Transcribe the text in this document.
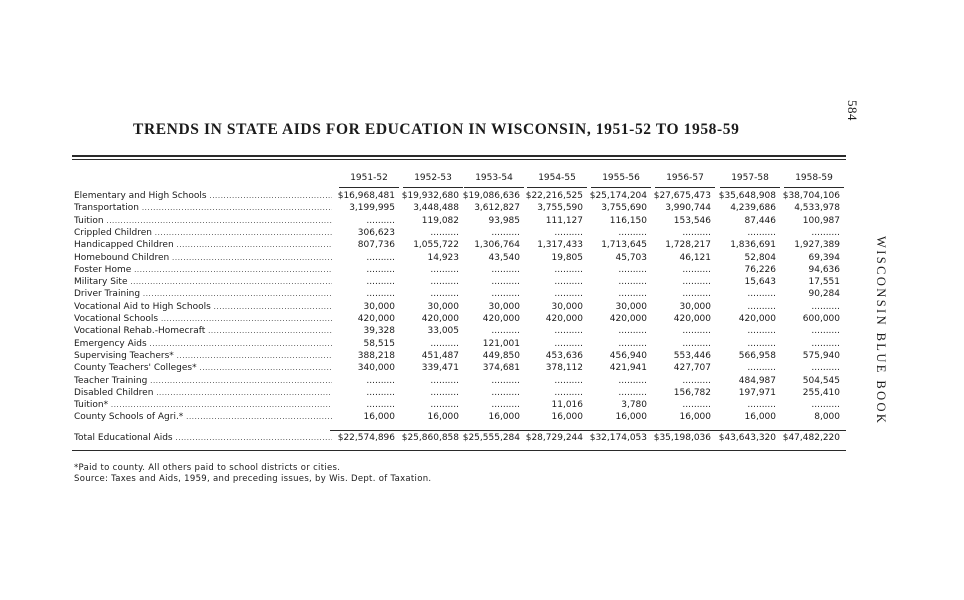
584
WISCONSIN BLUE BOOK
TRENDS IN STATE AIDS FOR EDUCATION IN WISCONSIN, 1951-52 TO 1958-59
1951-52	1952-53	1953-54	1954-55	1955-56	1956-57	1957-58	1958-59
Elementary and High Schools .....	$16,968,481 $19,932,680 $19,086,636 $22,216,525 $25,174,204 $27,675,473 $35,648,908 $38,704,106
Transportation .....	3,199,995	3,448,488	3,612,827	3,755,590	3,755,690	3,990,744	4,239,686	4,533,978
Tuition .....	..........	119,082	93,985	111,127	116,150	153,546	87,446	100,987
Crippled Children .....	306,623	..........	..........	..........	..........	..........	..........	..........
Handicapped Children .....	807,736	1,055,722	1,306,764	1,317,433	1,713,645	1,728,217	1,836,691	1,927,389
Homebound Children .....	..........	14,923	43,540	19,805	45,703	46,121	52,804	69,394
Foster Home .....	..........	..........	..........	..........	..........	..........	76,226	94,636
Military Site .....	..........	..........	..........	..........	..........	..........	15,643	17,551
Driver Training .....	..........	..........	..........	..........	..........	..........	..........	90,284
Vocational Aid to High Schools .....	30,000	30,000	30,000	30,000	30,000	30,000	..........	..........
Vocational Schools .....	420,000	420,000	420,000	420,000	420,000	420,000	420,000	600,000
Vocational Rehab.-Homecraft .....	39,328	33,005	..........	..........	..........	..........	..........	..........
Emergency Aids .....	58,515	..........	121,001	..........	..........	..........	..........	..........
Supervising Teachers* .....	388,218	451,487	449,850	453,636	456,940	553,446	566,958	575,940
County Teachers' Colleges* .....	340,000	339,471	374,681	378,112	421,941	427,707	..........	..........
Teacher Training .....	..........	..........	..........	..........	..........	..........	484,987	504,545
Disabled Children .....	..........	..........	..........	..........	..........	156,782	197,971	255,410
Tuition* .....	..........	..........	..........	11,016	3,780	..........	..........	..........
County Schools of Agri.* .....	16,000	16,000	16,000	16,000	16,000	16,000	16,000	8,000
Total Educational Aids .....	$22,574,896 $25,860,858 $25,555,284 $28,729,244 $32,174,053 $35,198,036 $43,643,320 $47,482,220
*Paid to county. All others paid to school districts or cities.
Source: Taxes and Aids, 1959, and preceding issues, by Wis. Dept. of Taxation.
